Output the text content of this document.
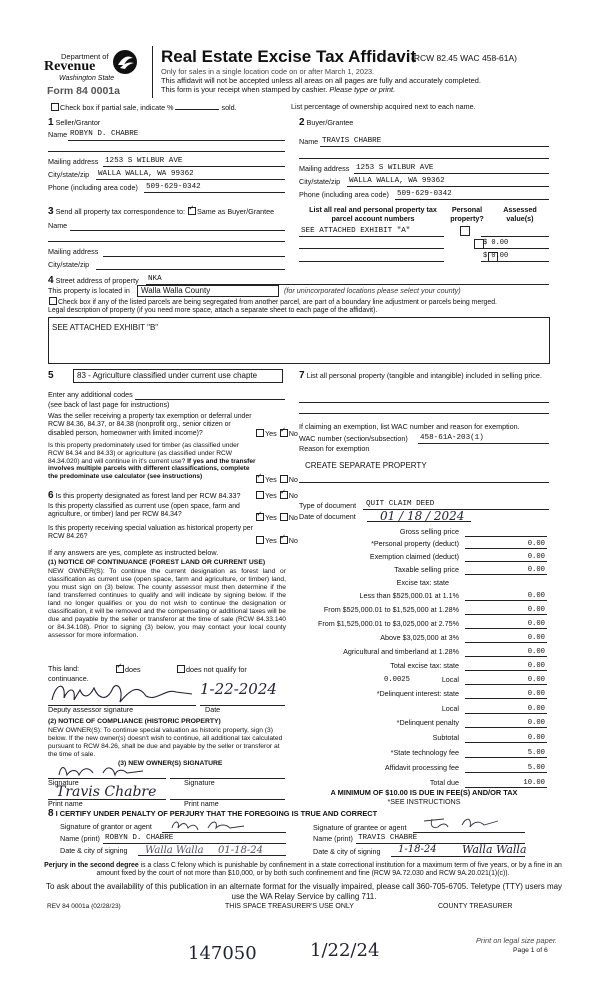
Department of
Revenue
Washington State
Form 84 0001a
Real Estate Excise Tax Affidavit
(RCW 82.45 WAC 458-61A)
Only for sales in a single location code on or after March 1, 2023.
This affidavit will not be accepted unless all areas on all pages are fully and accurately completed.
This form is your receipt when stamped by cashier. Please type or print.
Check box if partial sale, indicate %	sold.	List percentage of ownership acquired next to each name.
1 Seller/Grantor
Name ROBYN D. CHABRE
Mailing address 1253 S WILBUR AVE
City/state/zip WALLA WALLA, WA 99362
Phone (including area code) 509-629-0342
2 Buyer/Grantee
Name TRAVIS CHABRE
Mailing address 1253 S WILBUR AVE
City/state/zip WALLA WALLA, WA 99362
Phone (including area code) 509-629-0342
3 Send all property tax correspondence to: ✓ Same as Buyer/Grantee
Name
Mailing address
City/state/zip
List all real and personal property tax
parcel account numbers
Personal
property?
Assessed
value(s)
SEE ATTACHED EXHIBIT "A"

$ 0.00
$ 0.00
4 Street address of property NKA
This property is located in Walla Walla County	(for unincorporated locations please select your county)
Check box if any of the listed parcels are being segregated from another parcel, are part of a boundary line adjustment or parcels being merged.
Legal description of property (if you need more space, attach a separate sheet to each page of the affidavit).
SEE ATTACHED EXHIBIT "B"
5	83 - Agriculture classified under current use chapte
Enter any additional codes
(see back of last page for instructions)
Was the seller receiving a property tax exemption or deferral under RCW 84.36, 84.37, or 84.38 (nonprofit org., senior citizen or disabled person, homeowner with limited income)?	Yes ✓ No
Is this property predominately used for timber (as classified under RCW 84.34 and 84.33) or agriculture (as classified under RCW 84.34.020) and will continue in it's current use? If yes and the transfer involves multiple parcels with different classifications, complete the predominate use calculator (see instructions) ✓	Yes No
6 Is this property designated as forest land per RCW 84.33?	Yes ✓ No
Is this property classified as current use (open space, farm and agriculture, or timber) land per RCW 84.34? ✓	Yes No
Is this property receiving special valuation as historical property per RCW 84.26?	Yes ✓ No
If any answers are yes, complete as instructed below.
(1) NOTICE OF CONTINUANCE (FOREST LAND OR CURRENT USE)
NEW OWNER(S): To continue the current designation as forest land or classification as current use (open space, farm and agriculture, or timber) land, you must sign on (3) below. The county assessor must then determine if the land transferred continues to qualify and will indicate by signing below. If the land no longer qualifies or you do not wish to continue the designation or classification, it will be removed and the compensating or additional taxes will be due and payable by the seller or transferor at the time of sale (RCW 84.33.140 or 84.34.108). Prior to signing (3) below, you may contact your local county assessor for more information.
This land: ✓	does	does not qualify for
continuance.
1-22-2024
Deputy assessor signature	Date
(2) NOTICE OF COMPLIANCE (HISTORIC PROPERTY)
NEW OWNER(S): To continue special valuation as historic property, sign (3) below. If the new owner(s) doesn't wish to continue, all additional tax calculated pursuant to RCW 84.26, shall be due and payable by the seller or transferor at the time of sale.
(3) NEW OWNER(S) SIGNATURE
Signature	Signature
Travis Chabre
Print name	Print name
7 List all personal property (tangible and intangible) included in selling price.
If claiming an exemption, list WAC number and reason for exemption.
WAC number (section/subsection) 458-61A-203(1)
Reason for exemption
CREATE SEPARATE PROPERTY
Type of document QUIT CLAIM DEED
Date of document 01 / 18 / 2024
Gross selling price
*Personal property (deduct)	0.00
Exemption claimed (deduct)	0.00
Taxable selling price	0.00
Excise tax: state
Less than $525,000.01 at 1.1%	0.00
From $525,000.01 to $1,525,000 at 1.28%	0.00
From $1,525,000.01 to $3,025,000 at 2.75%	0.00
Above $3,025,000 at 3%	0.00
Agricultural and timberland at 1.28%	0.00
Total excise tax: state	0.00
0.0025	Local	0.00
*Delinquent interest: state	0.00
Local	0.00
*Delinquent penalty	0.00
Subtotal	0.00
*State technology fee	5.00
Affidavit processing fee	5.00
Total due	10.00
A MINIMUM OF $10.00 IS DUE IN FEE(S) AND/OR TAX
*SEE INSTRUCTIONS
8 I CERTIFY UNDER PENALTY OF PERJURY THAT THE FOREGOING IS TRUE AND CORRECT
Signature of grantor or agent
Name (print) ROBYN D. CHABRE
Date & city of signing Walla Walla 01-18-24
Signature of grantee or agent
Name (print) TRAVIS CHABRE
Date & city of signing 1-18-24 Walla Walla
Perjury in the second degree is a class C felony which is punishable by confinement in a state correctional institution for a maximum term of five years, or by a fine in an amount fixed by the court of not more than $10,000, or by both such confinement and fine (RCW 9A.72.030 and RCW 9A.20.021(1)(c)).
To ask about the availability of this publication in an alternate format for the visually impaired, please call 360-705-6705. Teletype (TTY) users may use the WA Relay Service by calling 711.
REV 84 0001a (02/28/23)	THIS SPACE TREASURER'S USE ONLY	COUNTY TREASURER
147050	1/22/24	Print on legal size paper.
Page 1 of 6
